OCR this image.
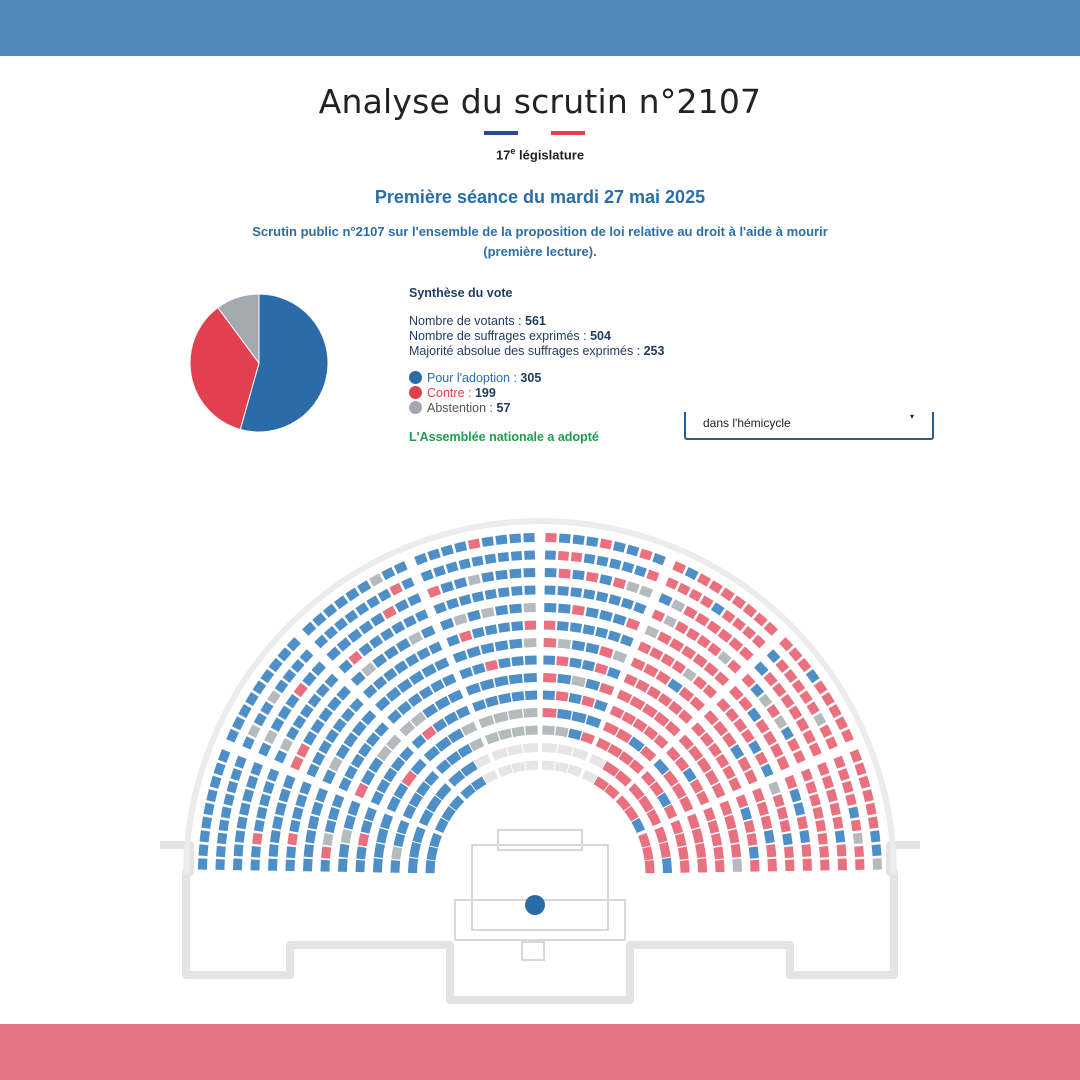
Analyse du scrutin n°2107
17e législature
Première séance du mardi 27 mai 2025
Scrutin public n°2107 sur l'ensemble de la proposition de loi relative au droit à l'aide à mourir (première lecture).
Synthèse du vote
Nombre de votants : 561
Nombre de suffrages exprimés : 504
Majorité absolue des suffrages exprimés : 253
Pour l'adoption : 305
Contre : 199
Abstention : 57
L'Assemblée nationale a adopté
dans l'hémicycle	▾
